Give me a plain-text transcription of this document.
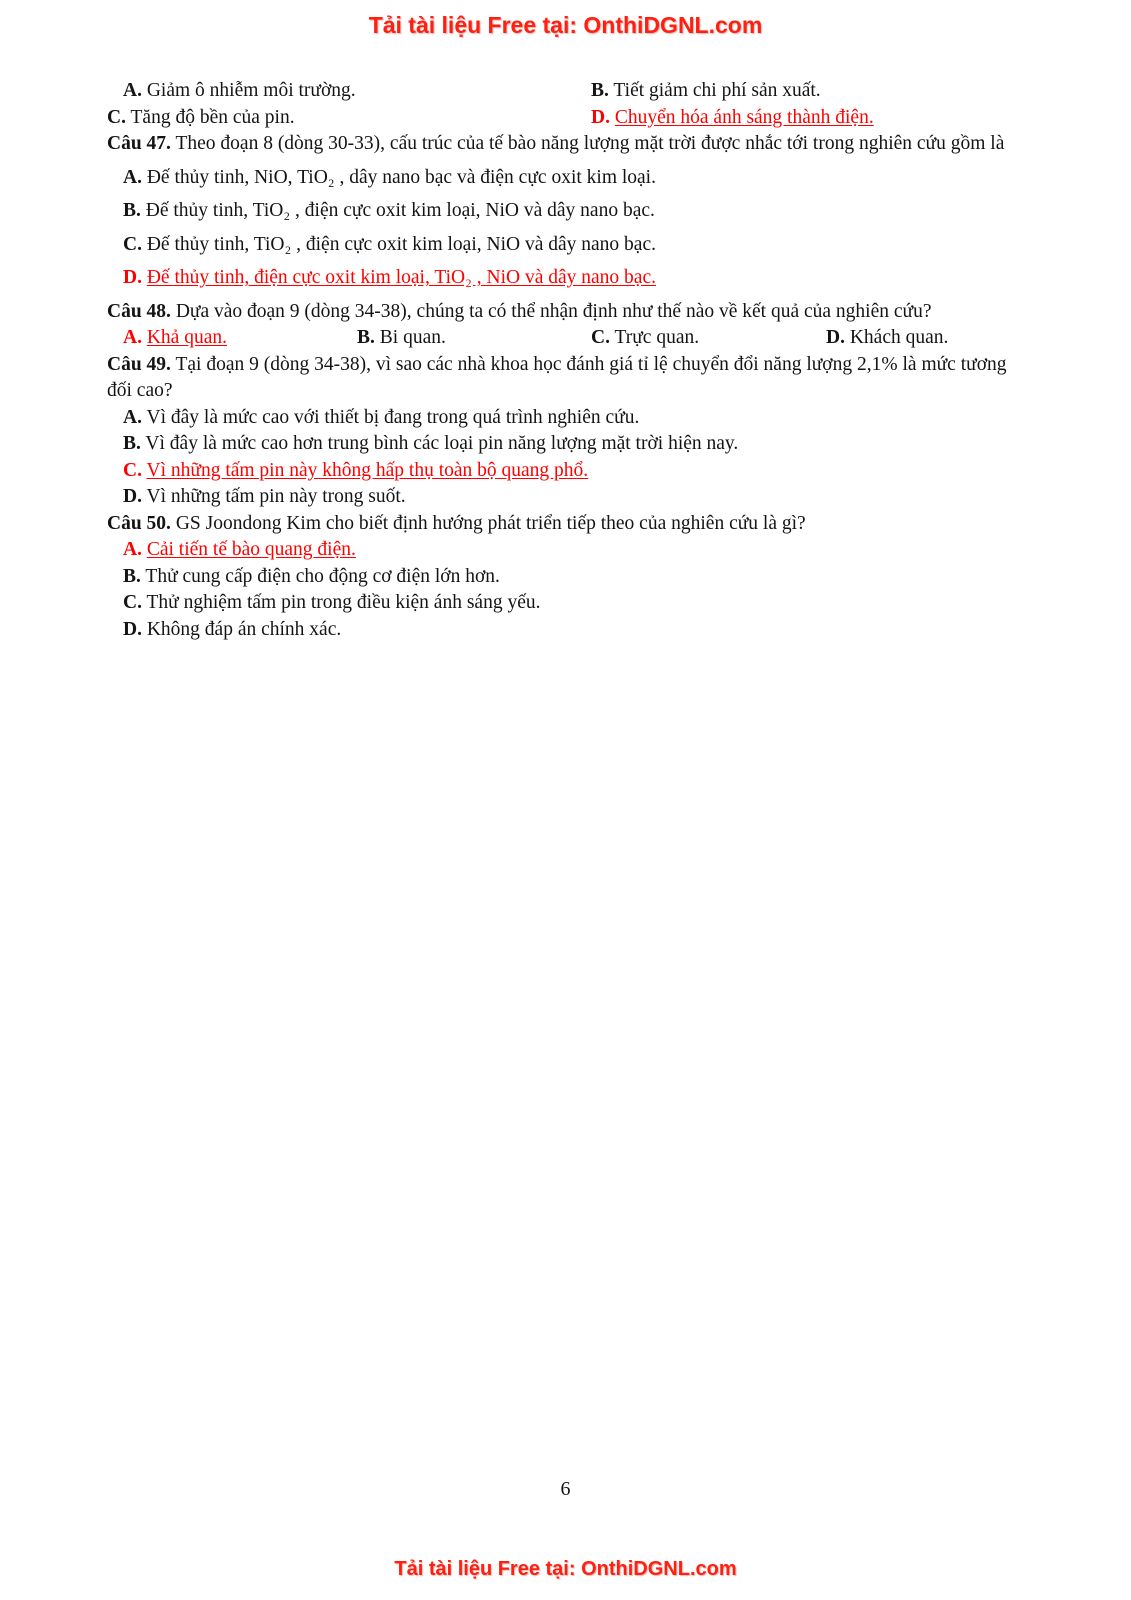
Tải tài liệu Free tại: OnthiDGNL.com

A. Giảm ô nhiễm môi trường.	B. Tiết giảm chi phí sản xuất.

C. Tăng độ bền của pin.	D. Chuyển hóa ánh sáng thành điện.

Câu 47. Theo đoạn 8 (dòng 30-33), cấu trúc của tế bào năng lượng mặt trời được nhắc tới trong nghiên cứu gồm là

A. Đế thủy tinh, NiO, TiO₂ , dây nano bạc và điện cực oxit kim loại.

B. Đế thủy tinh, TiO₂ , điện cực oxit kim loại, NiO và dây nano bạc.

C. Đế thủy tinh, TiO₂ , điện cực oxit kim loại, NiO và dây nano bạc.

D. Đế thủy tinh, điện cực oxit kim loại, TiO₂ , NiO và dây nano bạc.

Câu 48. Dựa vào đoạn 9 (dòng 34-38), chúng ta có thể nhận định như thế nào về kết quả của nghiên cứu?

A. Khả quan.	B. Bi quan.	C. Trực quan.	D. Khách quan.

Câu 49. Tại đoạn 9 (dòng 34-38), vì sao các nhà khoa học đánh giá tỉ lệ chuyển đổi năng lượng 2,1% là mức tương đối cao?

A. Vì đây là mức cao với thiết bị đang trong quá trình nghiên cứu.

B. Vì đây là mức cao hơn trung bình các loại pin năng lượng mặt trời hiện nay.

C. Vì những tấm pin này không hấp thụ toàn bộ quang phổ.

D. Vì những tấm pin này trong suốt.

Câu 50. GS Joondong Kim cho biết định hướng phát triển tiếp theo của nghiên cứu là gì?

A. Cải tiến tế bào quang điện.

B. Thử cung cấp điện cho động cơ điện lớn hơn.

C. Thử nghiệm tấm pin trong điều kiện ánh sáng yếu.

D. Không đáp án chính xác.

6
Tải tài liệu Free tại: OnthiDGNL.com
